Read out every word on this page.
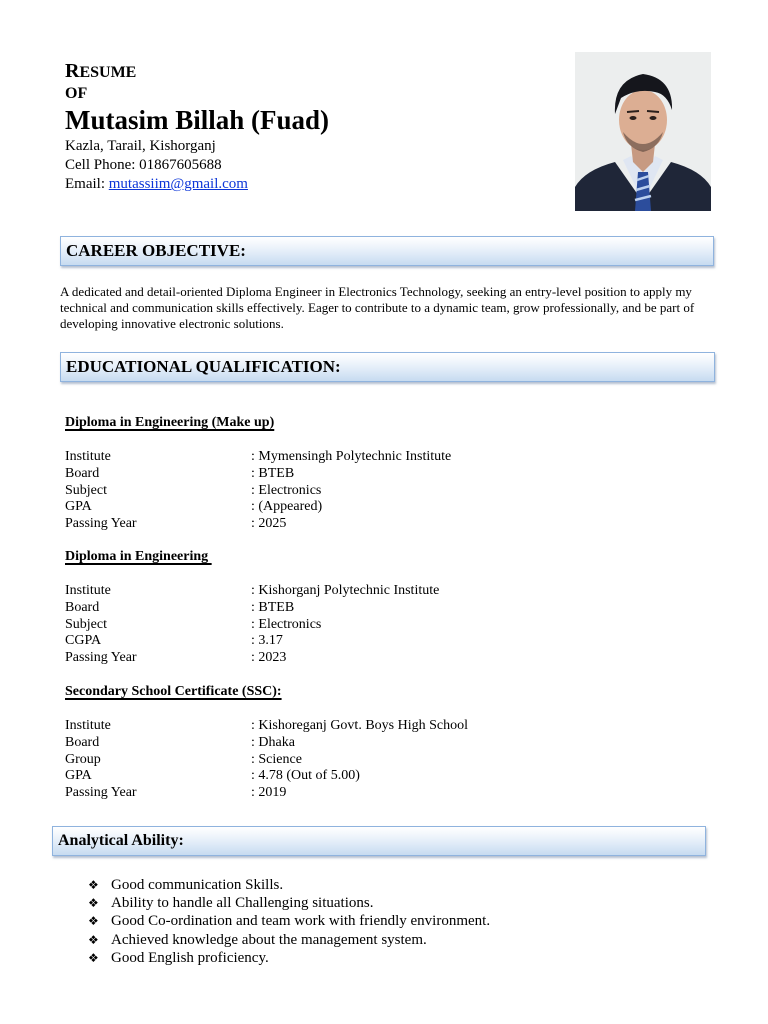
RESUME
OF
Mutasim Billah (Fuad)
Kazla, Tarail, Kishorganj
Cell Phone: 01867605688
Email: mutassiim@gmail.com
CAREER OBJECTIVE:
A dedicated and detail-oriented Diploma Engineer in Electronics Technology, seeking an entry-level position to apply my technical and communication skills effectively. Eager to contribute to a dynamic team, grow professionally, and be part of developing innovative electronic solutions.
EDUCATIONAL QUALIFICATION:
Diploma in Engineering (Make up)
Institute	: Mymensingh Polytechnic Institute
Board	: BTEB
Subject	: Electronics
GPA	: (Appeared)
Passing Year	: 2025
Diploma in Engineering
Institute	: Kishorganj Polytechnic Institute
Board	: BTEB
Subject	: Electronics
CGPA	: 3.17
Passing Year	: 2023
Secondary School Certificate (SSC):
Institute	: Kishoreganj Govt. Boys High School
Board	: Dhaka
Group	: Science
GPA	: 4.78 (Out of 5.00)
Passing Year	: 2019
Analytical Ability:
❖ Good communication Skills.
❖ Ability to handle all Challenging situations.
❖ Good Co-ordination and team work with friendly environment.
❖ Achieved knowledge about the management system.
❖ Good English proficiency.
